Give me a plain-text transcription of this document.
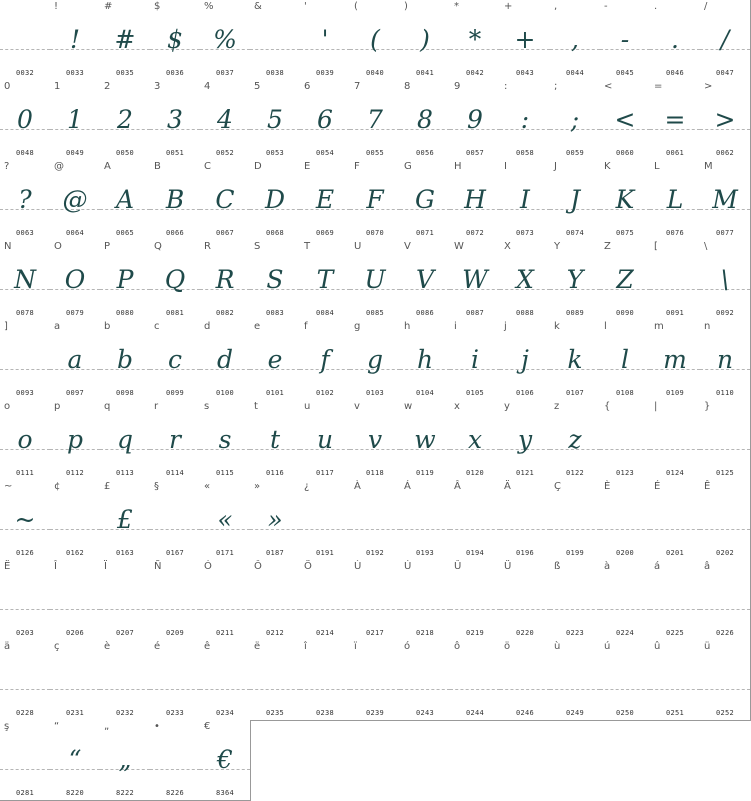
0032
!
!
0033
#
#
0035
$
$
0036
%
%
0037
&
0038
'
'
0039
(
(
0040
)
)
0041
*
*
0042
+
+
0043
,
,
0044
-
-
0045
.
.
0046
/
/
0047
0
0
0048
1
1
0049
2
2
0050
3
3
0051
4
4
0052
5
5
0053
6
6
0054
7
7
0055
8
8
0056
9
9
0057
:
:
0058
;
;
0059
<
<
0060
=
=
0061
>
>
0062
?
?
0063
@
@
0064
A
A
0065
B
B
0066
C
C
0067
D
D
0068
E
E
0069
F
F
0070
G
G
0071
H
H
0072
I
I
0073
J
J
0074
K
K
0075
L
L
0076
M
M
0077
N
N
0078
O
O
0079
P
P
0080
Q
Q
0081
R
R
0082
S
S
0083
T
T
0084
U
U
0085
V
V
0086
W
W
0087
X
X
0088
Y
Y
0089
Z
Z
0090
[
0091
\
\
0092
]
0093
a
a
0097
b
b
0098
c
c
0099
d
d
0100
e
e
0101
f
f
0102
g
g
0103
h
h
0104
i
i
0105
j
j
0106
k
k
0107
l
l
0108
m
m
0109
n
n
0110
o
o
0111
p
p
0112
q
q
0113
r
r
0114
s
s
0115
t
t
0116
u
u
0117
v
v
0118
w
w
0119
x
x
0120
y
y
0121
z
z
0122
{
0123
|
0124
}
0125
~
~
0126
¢
0162
£
£
0163
§
0167
«
«
0171
»
»
0187
¿
0191
À
0192
Á
0193
Â
0194
Ä
0196
Ç
0199
È
0200
É
0201
Ê
0202
Ë
0203
Î
0206
Ï
0207
Ñ
0209
Ó
0211
Ô
0212
Ö
0214
Ù
0217
Ú
0218
Û
0219
Ü
0220
ß
0223
à
0224
á
0225
â
0226
ä
0228
ç
0231
è
0232
é
0233
ê
0234
ë
0235
î
0238
ï
0239
ó
0243
ô
0244
ö
0246
ù
0249
ú
0250
û
0251
ü
0252
ş
0281
“
“
8220
„
„
8222
•
8226
€
€
8364
